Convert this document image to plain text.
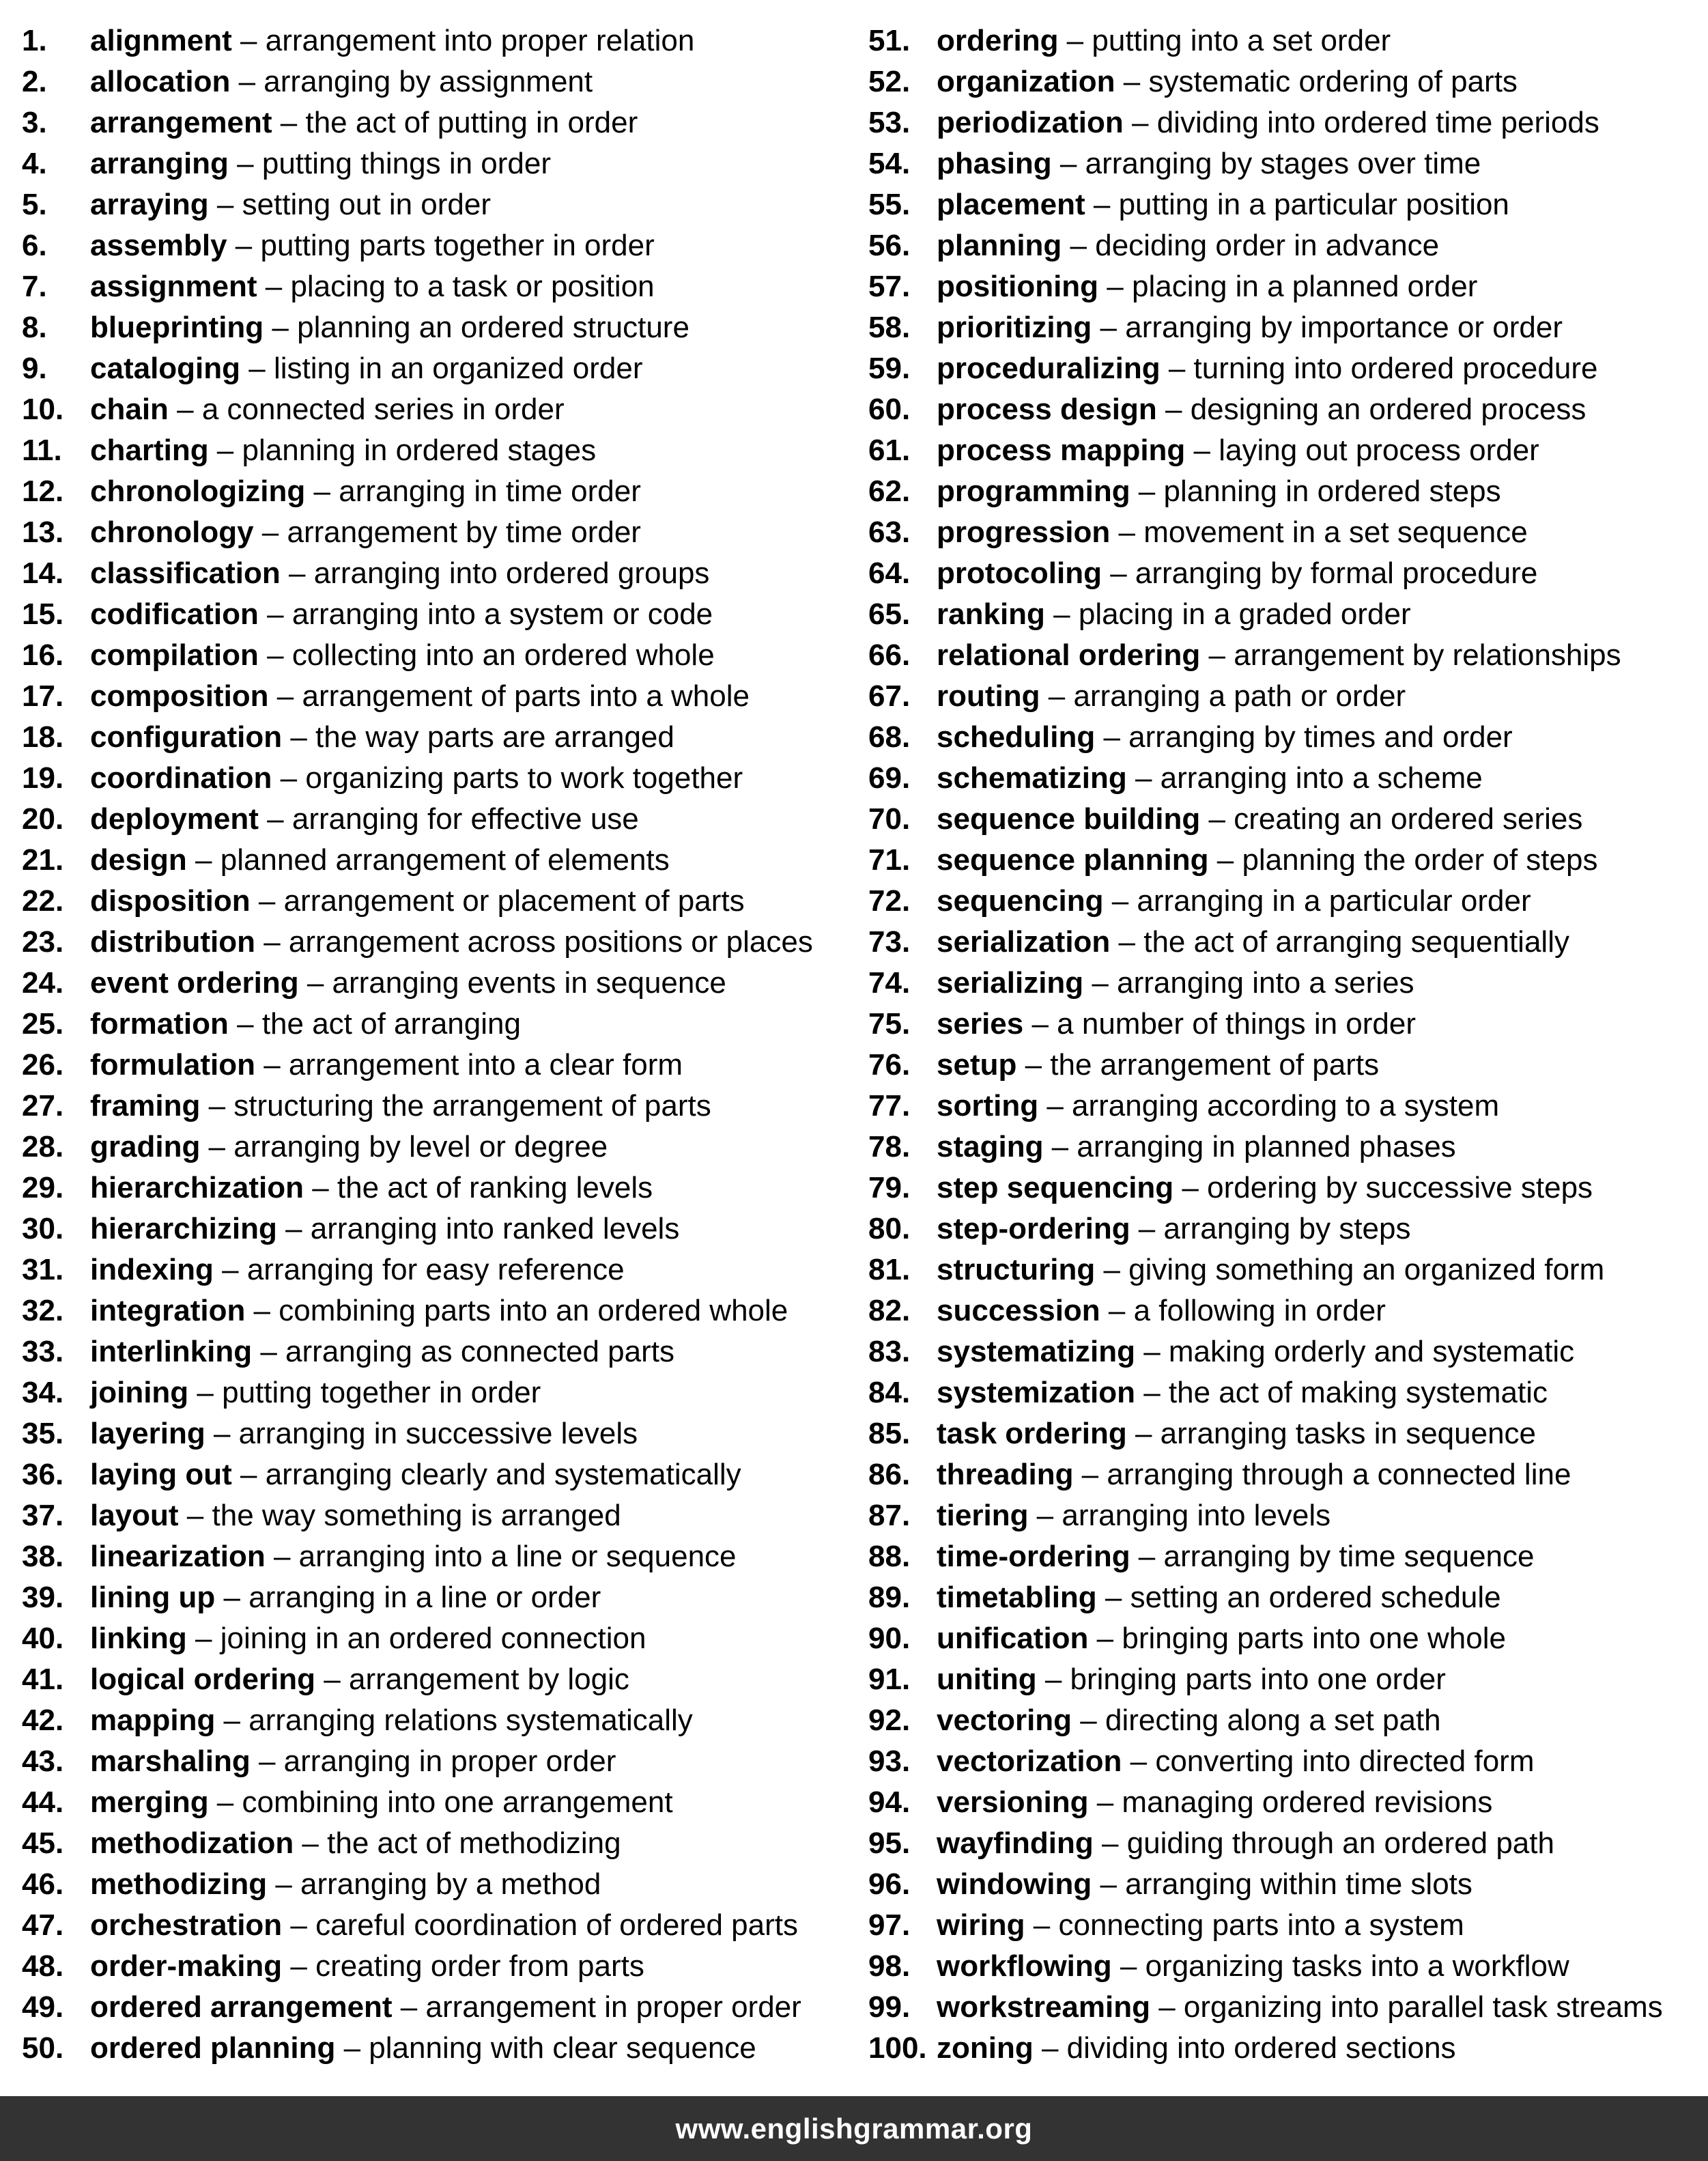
1.	alignment – arrangement into proper relation
2.	allocation – arranging by assignment
3.	arrangement – the act of putting in order
4.	arranging – putting things in order
5.	arraying – setting out in order
6.	assembly – putting parts together in order
7.	assignment – placing to a task or position
8.	blueprinting – planning an ordered structure
9.	cataloging – listing in an organized order
10. chain – a connected series in order
11. charting – planning in ordered stages
12. chronologizing – arranging in time order
13. chronology – arrangement by time order
14. classification – arranging into ordered groups
15. codification – arranging into a system or code
16. compilation – collecting into an ordered whole
17. composition – arrangement of parts into a whole
18. configuration – the way parts are arranged
19. coordination – organizing parts to work together
20. deployment – arranging for effective use
21. design – planned arrangement of elements
22. disposition – arrangement or placement of parts
23. distribution – arrangement across positions or places
24. event ordering – arranging events in sequence
25. formation – the act of arranging
26. formulation – arrangement into a clear form
27. framing – structuring the arrangement of parts
28. grading – arranging by level or degree
29. hierarchization – the act of ranking levels
30. hierarchizing – arranging into ranked levels
31. indexing – arranging for easy reference
32. integration – combining parts into an ordered whole
33. interlinking – arranging as connected parts
34. joining – putting together in order
35. layering – arranging in successive levels
36. laying out – arranging clearly and systematically
37. layout – the way something is arranged
38. linearization – arranging into a line or sequence
39. lining up – arranging in a line or order
40. linking – joining in an ordered connection
41. logical ordering – arrangement by logic
42. mapping – arranging relations systematically
43. marshaling – arranging in proper order
44. merging – combining into one arrangement
45. methodization – the act of methodizing
46. methodizing – arranging by a method
47. orchestration – careful coordination of ordered parts
48. order-making – creating order from parts
49. ordered arrangement – arrangement in proper order
50. ordered planning – planning with clear sequence
51. ordering – putting into a set order
52. organization – systematic ordering of parts
53. periodization – dividing into ordered time periods
54. phasing – arranging by stages over time
55. placement – putting in a particular position
56. planning – deciding order in advance
57. positioning – placing in a planned order
58. prioritizing – arranging by importance or order
59. proceduralizing – turning into ordered procedure
60. process design – designing an ordered process
61. process mapping – laying out process order
62. programming – planning in ordered steps
63. progression – movement in a set sequence
64. protocoling – arranging by formal procedure
65. ranking – placing in a graded order
66. relational ordering – arrangement by relationships
67. routing – arranging a path or order
68. scheduling – arranging by times and order
69. schematizing – arranging into a scheme
70. sequence building – creating an ordered series
71. sequence planning – planning the order of steps
72. sequencing – arranging in a particular order
73. serialization – the act of arranging sequentially
74. serializing – arranging into a series
75. series – a number of things in order
76. setup – the arrangement of parts
77. sorting – arranging according to a system
78. staging – arranging in planned phases
79. step sequencing – ordering by successive steps
80. step-ordering – arranging by steps
81. structuring – giving something an organized form
82. succession – a following in order
83. systematizing – making orderly and systematic
84. systemization – the act of making systematic
85. task ordering – arranging tasks in sequence
86. threading – arranging through a connected line
87. tiering – arranging into levels
88. time-ordering – arranging by time sequence
89. timetabling – setting an ordered schedule
90. unification – bringing parts into one whole
91. uniting – bringing parts into one order
92. vectoring – directing along a set path
93. vectorization – converting into directed form
94. versioning – managing ordered revisions
95. wayfinding – guiding through an ordered path
96. windowing – arranging within time slots
97. wiring – connecting parts into a system
98. workflowing – organizing tasks into a workflow
99. workstreaming – organizing into parallel task streams
100. zoning – dividing into ordered sections
www.englishgrammar.org
